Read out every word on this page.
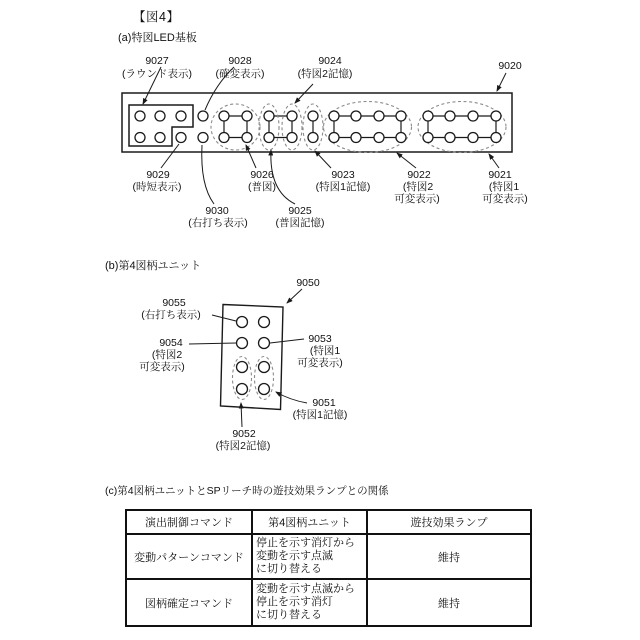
【図4】
(a)特図LED基板
(b)第4図柄ユニット
(c)第4図柄ユニットとSPリーチ時の遊技効果ランプとの関係
9027
(ラウンド表示)
9028
(確変表示)
9024
(特図2記憶)
9020
9029
(時短表示)
9030
(右打ち表示)
9026
(普図)
9025
(普図記憶)
9023
(特図1記憶)
9022
(特図2
可変表示)
9021
(特図1
可変表示)
9050
9055
(右打ち表示)
9054
(特図2
可変表示)
9053
(特図1
可変表示)
9051
(特図1記憶)
9052
(特図2記憶)
演出制御コマンド	第4図柄ユニット	遊技効果ランプ
変動パターンコマンド	停止を示す消灯から
変動を示す点滅
に切り替える	維持
図柄確定コマンド	変動を示す点滅から
停止を示す消灯
に切り替える	維持
